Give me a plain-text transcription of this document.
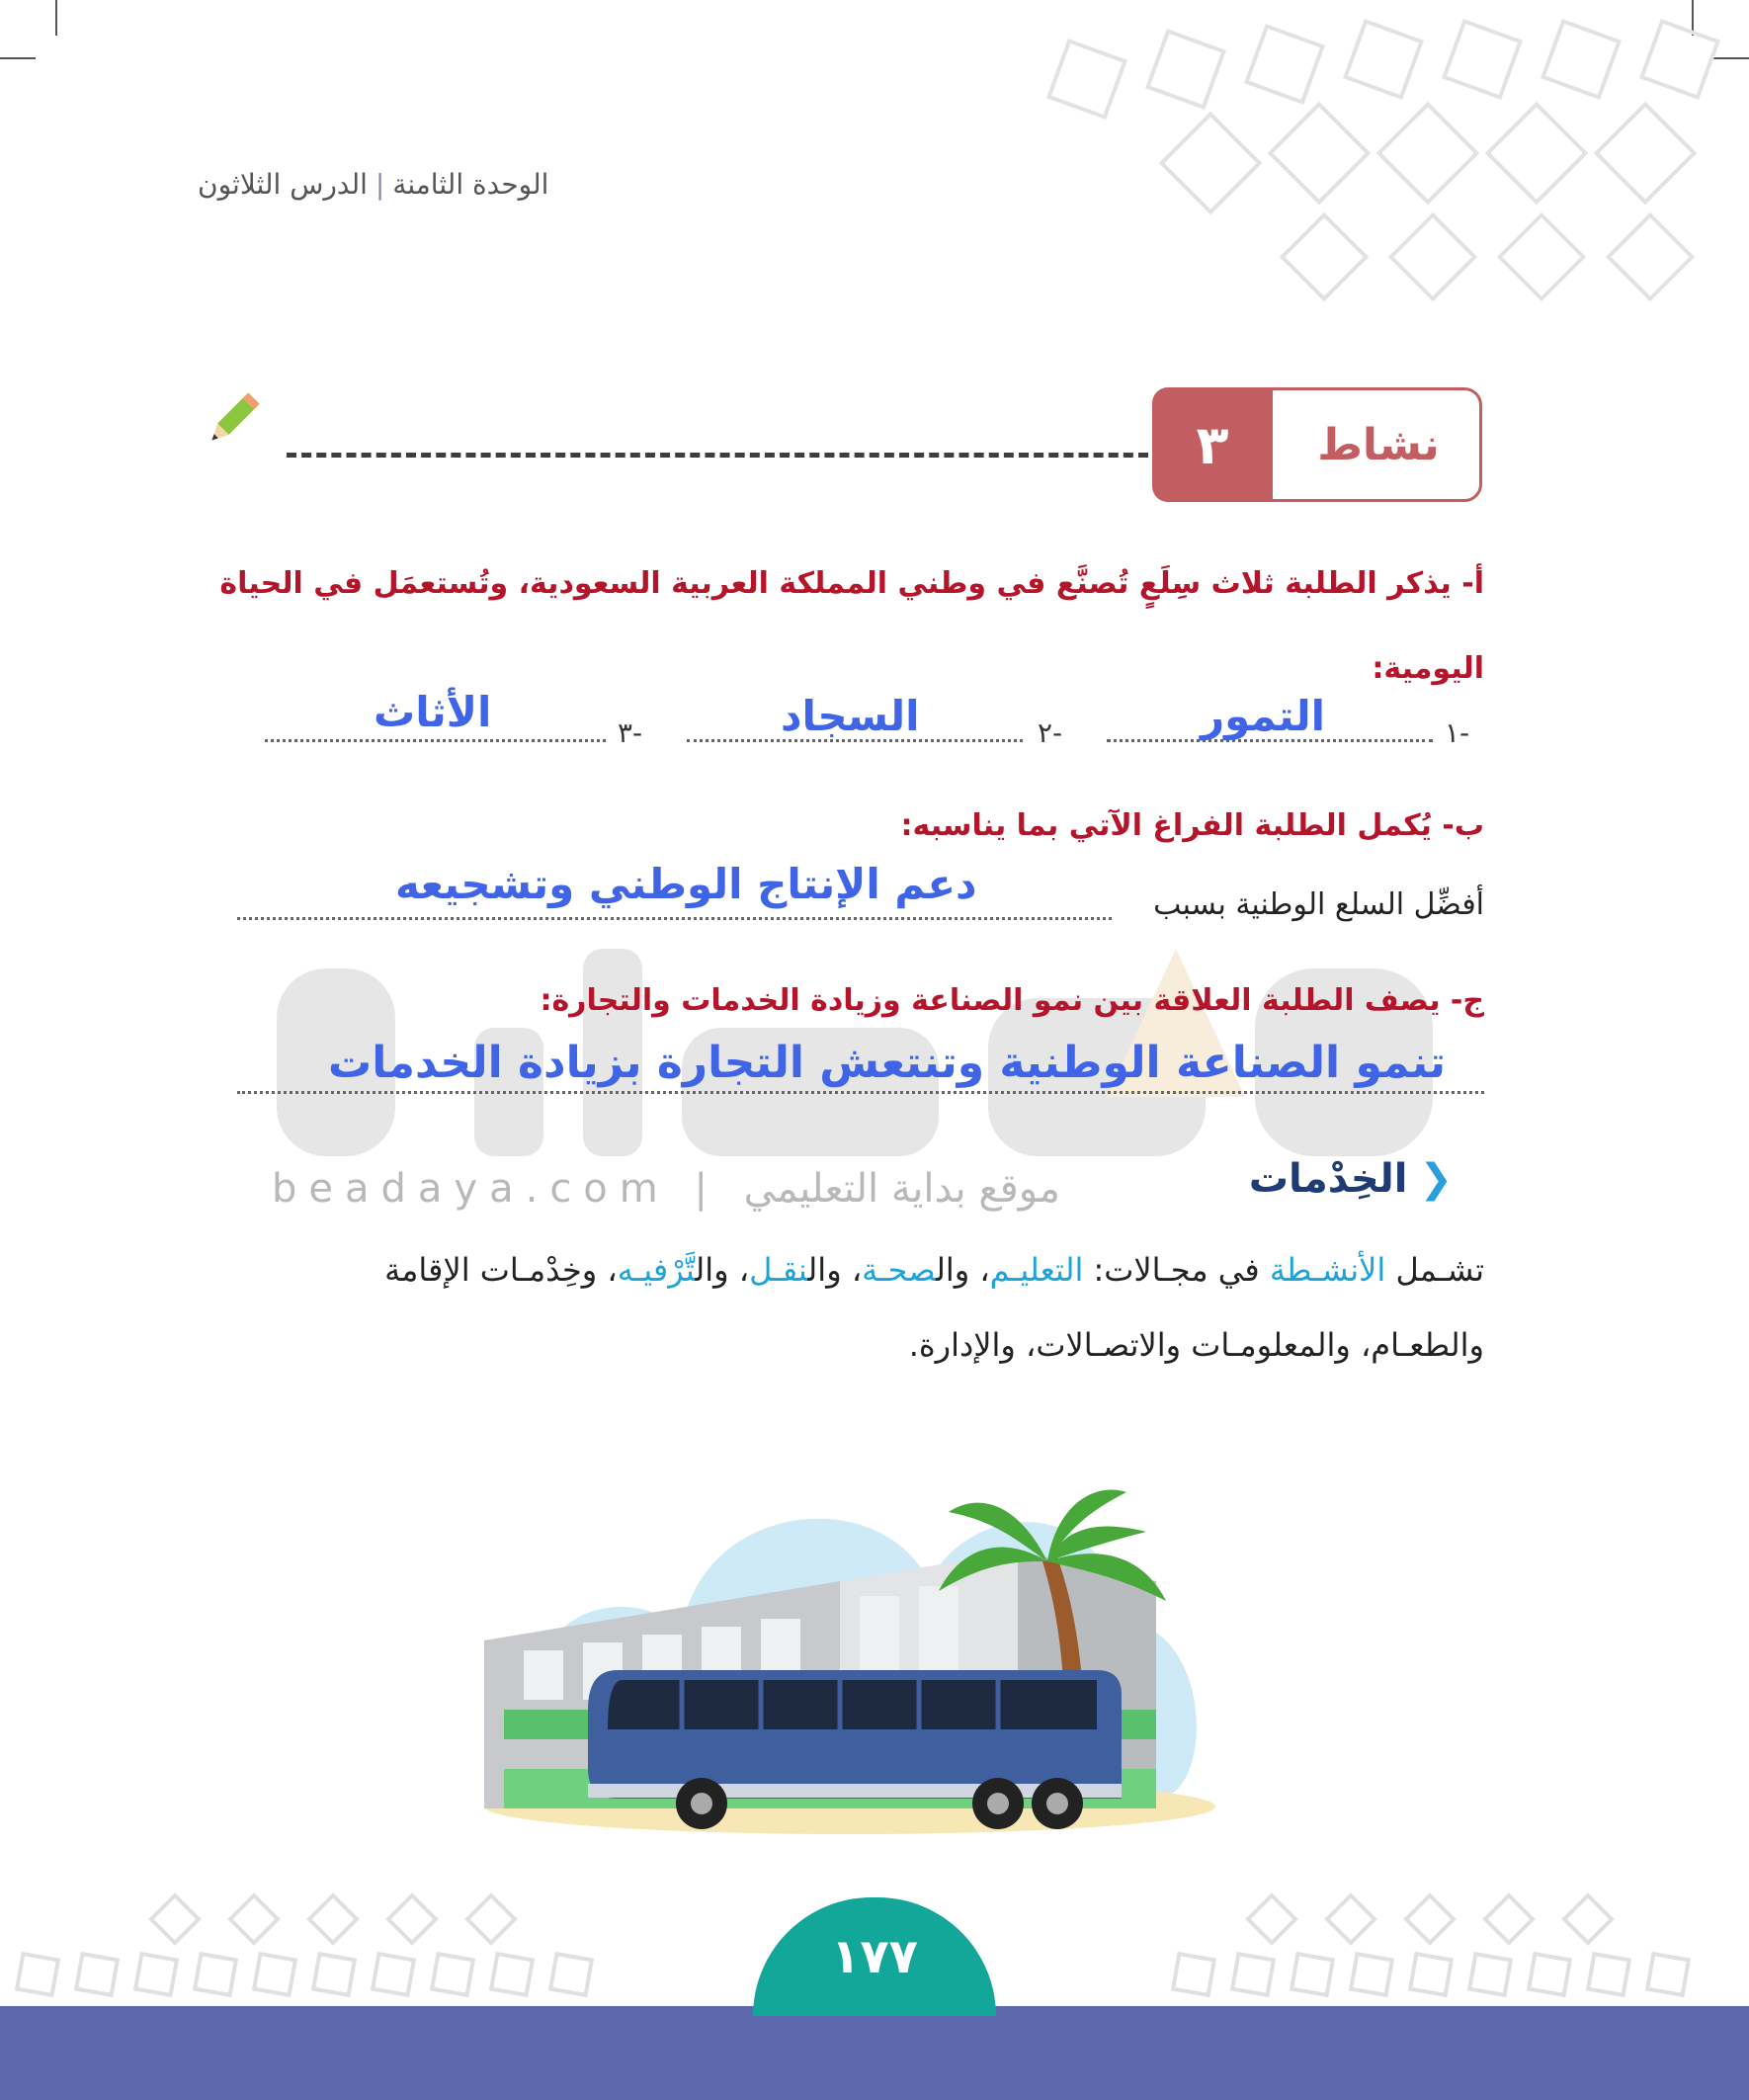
الوحدة الثامنة|الدرس الثلاثون
٣	نشاط
beadaya.com | موقع بداية التعليمي
أ- يذكر الطلبة ثلاث سِلَعٍ تُصنَّع في وطني المملكة العربية السعودية، وتُستعمَل في الحياة اليومية:
١-
التمور
٢-
السجاد
٣-
الأثاث
ب- يُكمل الطلبة الفراغ الآتي بما يناسبه:
أفضِّل السلع الوطنية بسبب
دعم الإنتاج الوطني وتشجيعه
ج- يصف الطلبة العلاقة بين نمو الصناعة وزيادة الخدمات والتجارة:
تنمو الصناعة الوطنية وتنتعش التجارة بزيادة الخدمات
❮
الخِدْمات
تشـمل الأنشـطة في مجـالات: التعليـم، والصحـة، والنقـل، والتَّرْفيـه، وخِدْمـات الإقامة
والطعـام، والمعلومـات والاتصـالات، والإدارة.
١٧٧
